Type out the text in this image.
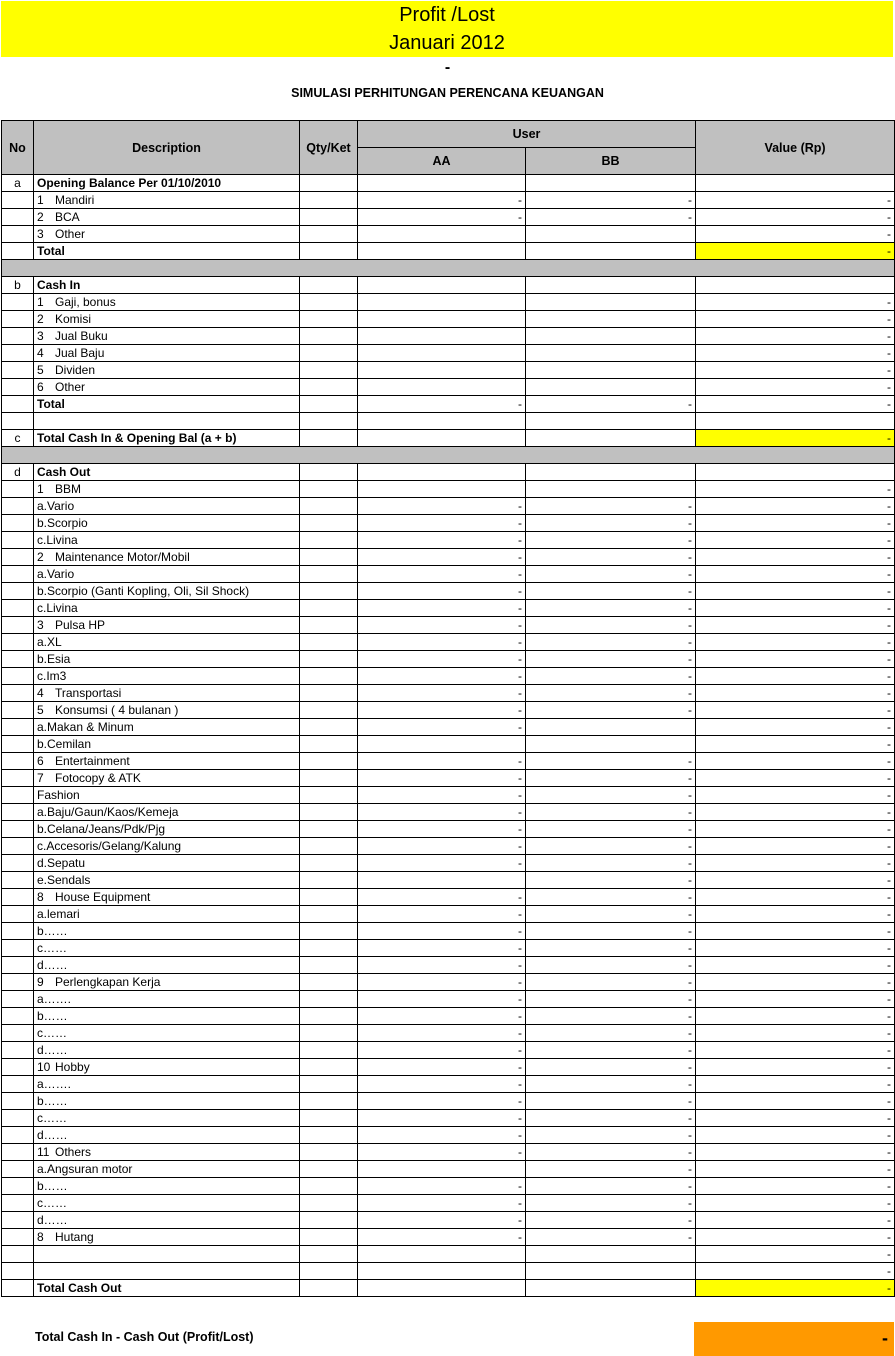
Profit /Lost
Januari 2012
-
SIMULASI PERHITUNGAN PERENCANA KEUANGAN
No	Description	Qty/Ket	User		Value (Rp)
			AA	BB	
a	Opening Balance Per 01/10/2010				
	1 Mandiri		-	-	-
	2 BCA		-	-	-
	3 Other				-
	Total				-

b	Cash In				
	1 Gaji, bonus				-
	2 Komisi				-
	3 Jual Buku				-
	4 Jual Baju				-
	5 Dividen				-
	6 Other				-
	Total		-	-	-

c	Total Cash In & Opening Bal (a + b)				-

d	Cash Out				
	1 BBM				-
	a.Vario		-	-	-
	b.Scorpio		-	-	-
	c.Livina		-	-	-
	2 Maintenance Motor/Mobil		-	-	-
	a.Vario		-	-	-
	b.Scorpio (Ganti Kopling, Oli, Sil Shock)		-	-	-
	c.Livina		-	-	-
	3 Pulsa HP		-	-	-
	a.XL		-	-	-
	b.Esia		-	-	-
	c.Im3		-	-	-
	4 Transportasi		-	-	-
	5 Konsumsi ( 4 bulanan )		-	-	-
	a.Makan & Minum		-		-
	b.Cemilan				-
	6 Entertainment		-	-	-
	7 Fotocopy & ATK		-	-	-
	Fashion		-	-	-
	a.Baju/Gaun/Kaos/Kemeja		-	-	-
	b.Celana/Jeans/Pdk/Pjg		-	-	-
	c.Accesoris/Gelang/Kalung		-	-	-
	d.Sepatu		-	-	-
	e.Sendals			-	-
	8 House Equipment		-	-	-
	a.lemari		-	-	-
	b……		-	-	-
	c……		-	-	-
	d……		-	-	-
	9 Perlengkapan Kerja		-	-	-
	a…….		-	-	-
	b……		-	-	-
	c……		-	-	-
	d……		-	-	-
	10 Hobby		-	-	-
	a…….		-	-	-
	b……		-	-	-
	c……		-	-	-
	d……		-	-	-
	11 Others		-	-	-
	a.Angsuran motor			-	-
	b……		-	-	-
	c……		-	-	-
	d……		-	-	-
	8 Hutang		-	-	-
					-
					-
	Total Cash Out				-
Total Cash In - Cash Out (Profit/Lost)	-
